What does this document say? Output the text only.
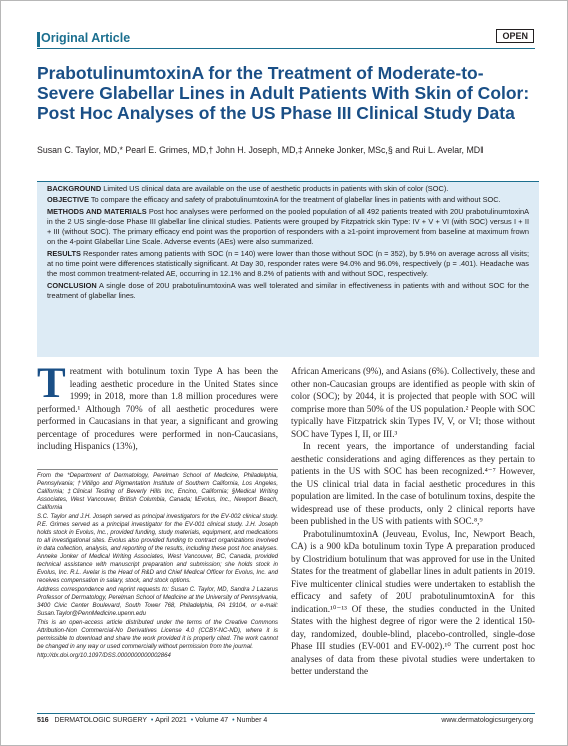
Original Article	OPEN
PrabotulinumtoxinA for the Treatment of Moderate-to-Severe Glabellar Lines in Adult Patients With Skin of Color: Post Hoc Analyses of the US Phase III Clinical Study Data
Susan C. Taylor, MD,* Pearl E. Grimes, MD,† John H. Joseph, MD,‡ Anneke Jonker, MSc,§ and Rui L. Avelar, MD‖

BACKGROUND Limited US clinical data are available on the use of aesthetic products in patients with skin of color (SOC).

OBJECTIVE To compare the efficacy and safety of prabotulinumtoxinA for the treatment of glabellar lines in patients with and without SOC.

METHODS AND MATERIALS Post hoc analyses were performed on the pooled population of all 492 patients treated with 20U prabotulinumtoxinA in the 2 US single-dose Phase III glabellar line clinical studies. Patients were grouped by Fitzpatrick skin Type: IV + V + VI (with SOC) versus I + II + III (without SOC). The primary efficacy end point was the proportion of responders with a ≥1-point improvement from baseline at maximum frown on the 4-point Glabellar Line Scale. Adverse events (AEs) were also summarized.

RESULTS Responder rates among patients with SOC (n = 140) were lower than those without SOC (n = 352), by 5.9% on average across all visits; at no time point were differences statistically significant. At Day 30, responder rates were 94.0% and 96.0%, respectively (p = .401). Headache was the most common treatment-related AE, occurring in 12.1% and 8.2% of patients with and without SOC, respectively.

CONCLUSION A single dose of 20U prabotulinumtoxinA was well tolerated and similar in effectiveness in patients with and without SOC for the treatment of glabellar lines.

Treatment with botulinum toxin Type A has been the leading aesthetic procedure in the United States since 1999; in 2018, more than 1.8 million procedures were performed.¹ Although 70% of all aesthetic procedures were performed in Caucasians in that year, a significant and growing percentage of procedures were performed in non-Caucasians, including Hispanics (13%),

From the *Department of Dermatology, Perelman School of Medicine, Philadelphia, Pennsylvania; †Vitiligo and Pigmentation Institute of Southern California, Los Angeles, California; ‡Clinical Testing of Beverly Hills Inc, Encino, California; §Medical Writing Associates, West Vancouver, British Columbia, Canada; ‖Evolus, Inc., Newport Beach, California

S.C. Taylor and J.H. Joseph served as principal investigators for the EV-002 clinical study. P.E. Grimes served as a principal investigator for the EV-001 clinical study. J.H. Joseph holds stock in Evolus, Inc., provided funding, study materials, equipment, and medications to all investigational sites. Evolus also provided funding to contract organizations involved in data collection, analysis, and reporting of the results, including these post hoc analyses. Anneke Jonker of Medical Writing Associates, West Vancouver, BC, Canada, provided technical assistance with manuscript preparation and submission; she holds stock in Evolus, Inc. R.L. Avelar is the Head of R&D and Chief Medical Officer for Evolus, Inc. and receives compensation in salary, stock, and stock options.

Address correspondence and reprint requests to: Susan C. Taylor, MD, Sandra J Lazarus Professor of Dermatology, Perelman School of Medicine at the University of Pennsylvania, 3400 Civic Center Boulevard, South Tower 768, Philadelphia, PA 19104, or e-mail: Susan.Taylor@PennMedicine.upenn.edu

This is an open-access article distributed under the terms of the Creative Commons Attribution-Non Commercial-No Derivatives License 4.0 (CCBY-NC-ND), where it is permissible to download and share the work provided it is properly cited. The work cannot be changed in any way or used commercially without permission from the journal.

http://dx.doi.org/10.1097/DSS.0000000000002864

African Americans (9%), and Asians (6%). Collectively, these and other non-Caucasian groups are identified as people with skin of color (SOC); by 2044, it is projected that people with SOC will comprise more than 50% of the US population.² People with SOC typically have Fitzpatrick skin Types IV, V, or VI; those without SOC have Types I, II, or III.³

In recent years, the importance of understanding facial aesthetic considerations and aging differences as they pertain to patients in the US with SOC has been recognized.⁴⁻⁷ However, the US clinical trial data in facial aesthetic procedures in this population are limited. In the case of botulinum toxins, despite the widespread use of these products, only 2 clinical reports have been published in the US with patients with SOC.⁸,⁹

PrabotulinumtoxinA (Jeuveau, Evolus, Inc, Newport Beach, CA) is a 900 kDa botulinum toxin Type A preparation produced by Clostridium botulinum that was approved for use in the United States for the treatment of glabellar lines in adult patients in 2019. Five multicenter clinical studies were undertaken to establish the efficacy and safety of 20U prabotulinumtoxinA for this indication.¹⁰⁻¹³ Of these, the studies conducted in the United States with the highest degree of rigor were the 2 identical 150-day, randomized, double-blind, placebo-controlled, single-dose Phase III studies (EV-001 and EV-002).¹⁰ The current post hoc analyses of data from these pivotal studies were undertaken to better understand the

516 DERMATOLOGIC SURGERY  • April 2021  • Volume 47  • Number 4	www.dermatologicsurgery.org
